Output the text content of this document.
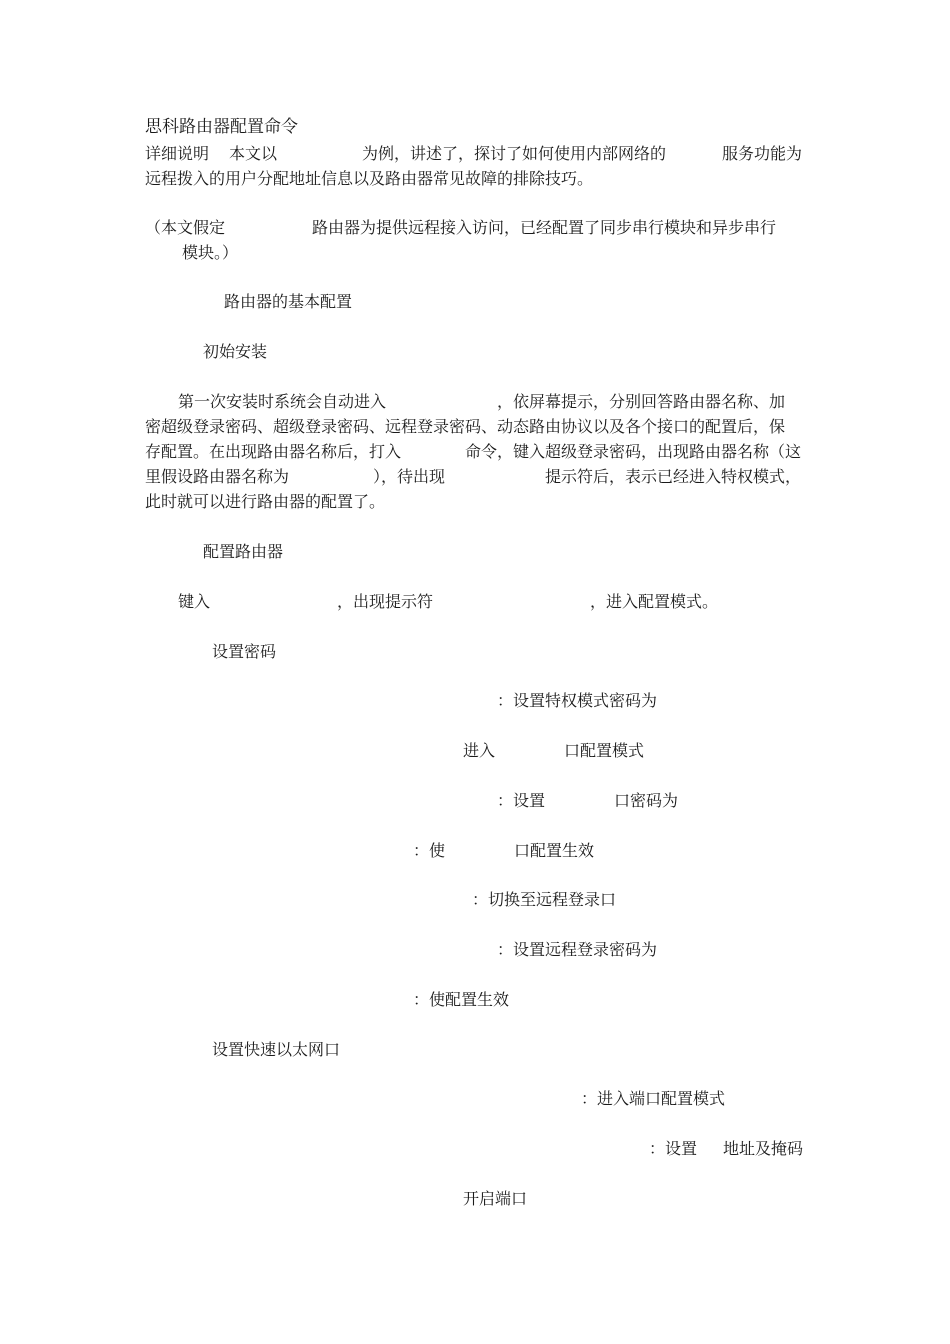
思科路由器配置命令
详细说明 本文以	为例，讲述了，探讨了如何使用内部网络的	服务功能为
远程拨入的用户分配地址信息以及路由器常见故障的排除技巧。
（本文假定	路由器为提供远程接入访问，已经配置了同步串行模块和异步串行
模块。）
路由器的基本配置
初始安装
第一次安装时系统会自动进入	，依屏幕提示，分别回答路由器名称、加
密超级登录密码、超级登录密码、远程登录密码、动态路由协议以及各个接口的配置后，保
存配置。在出现路由器名称后，打入	命令，键入超级登录密码，出现路由器名称（这
里假设路由器名称为	），待出现	提示符后，表示已经进入特权模式，
此时就可以进行路由器的配置了。
配置路由器
键入	，出现提示符	，进入配置模式。
设置密码
：设置特权模式密码为
进入	口配置模式
：设置	口密码为
：使	口配置生效
：切换至远程登录口
：设置远程登录密码为
：使配置生效
设置快速以太网口
：进入端口配置模式
：设置 地址及掩码
开启端口
